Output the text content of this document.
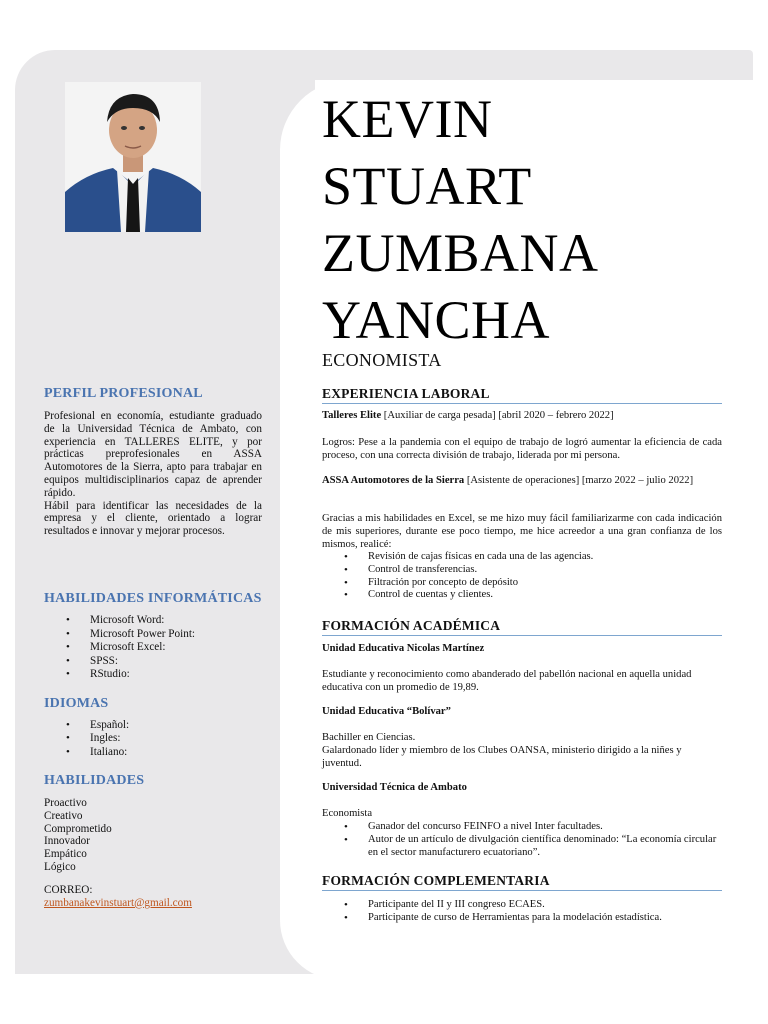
KEVIN
STUART
ZUMBANA
YANCHA
ECONOMISTA
PERFIL PROFESIONAL
Profesional en economía, estudiante graduado de la Universidad Técnica de Ambato, con experiencia en TALLERES ELITE, y por prácticas preprofesionales en ASSA Automotores de la Sierra, apto para trabajar en equipos multidisciplinarios capaz de aprender rápido.
Hábil para identificar las necesidades de la empresa y el cliente, orientado a lograr resultados e innovar y mejorar procesos.
HABILIDADES INFORMÁTICAS
• Microsoft Word:
• Microsoft Power Point:
• Microsoft Excel:
• SPSS:
• RStudio:
IDIOMAS
• Español:
• Ingles:
• Italiano:
HABILIDADES
Proactivo
Creativo
Comprometido
Innovador
Empático
Lógico
CORREO:
zumbanakevinstuart@gmail.com
EXPERIENCIA LABORAL
Talleres Elite [Auxiliar de carga pesada] [abril 2020 – febrero 2022]
Logros: Pese a la pandemia con el equipo de trabajo de logró aumentar la eficiencia de cada proceso, con una correcta división de trabajo, liderada por mi persona.
ASSA Automotores de la Sierra [Asistente de operaciones] [marzo 2022 – julio 2022]
Gracias a mis habilidades en Excel, se me hizo muy fácil familiarizarme con cada indicación de mis superiores, durante ese poco tiempo, me hice acreedor a una gran confianza de los mismos, realicé:
• Revisión de cajas físicas en cada una de las agencias.
• Control de transferencias.
• Filtración por concepto de depósito
• Control de cuentas y clientes.
FORMACIÓN ACADÉMICA
Unidad Educativa Nicolas Martínez
Estudiante y reconocimiento como abanderado del pabellón nacional en aquella unidad educativa con un promedio de 19,89.
Unidad Educativa “Bolívar”
Bachiller en Ciencias.
Galardonado líder y miembro de los Clubes OANSA, ministerio dirigido a la niñes y juventud.
Universidad Técnica de Ambato
Economista
• Ganador del concurso FEINFO a nivel Inter facultades.
• Autor de un artículo de divulgación científica denominado: “La economía circular en el sector manufacturero ecuatoriano”.
FORMACIÓN COMPLEMENTARIA
• Participante del II y III congreso ECAES.
• Participante de curso de Herramientas para la modelación estadística.
